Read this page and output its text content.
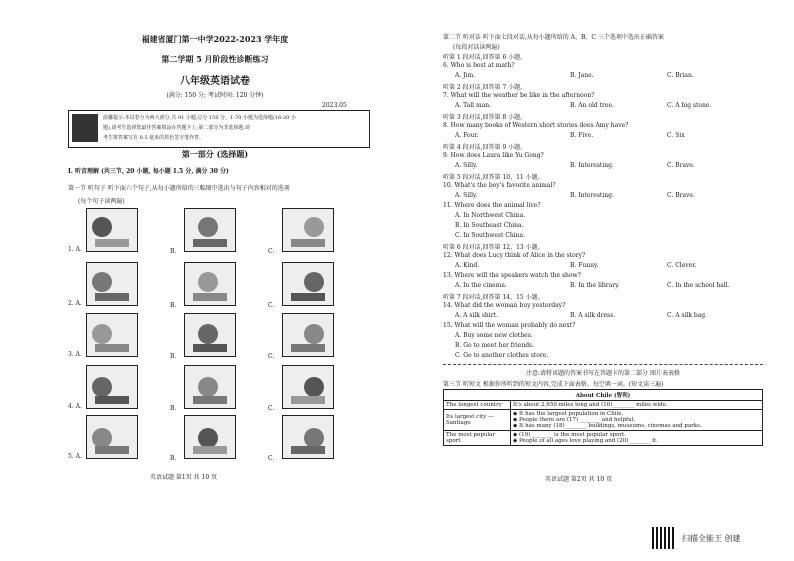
福建省厦门第一中学2022-2023 学年度
第二学期 5 月阶段性诊断练习
八年级英语试卷
(满分: 150 分; 考试时间: 120 分钟)
2023.05
温馨提示:本试卷分为两大部分,共 91 小题,总分 150 分。1-70 小题为选择题(16-20 小
题),请考生选择您最佳答案填涂在答题卡上;第二部分为非选择题,请
考生将答案写在 0.5 毫米的黑色签字笔作答。
第一部分 (选择题)
I. 听音理解 (共三节, 20 小题, 每小题 1.5 分, 满分 30 分)
第一节 听句子 听下面六个句子,从每小题所给的三幅图中选出与句子内容相对的选项
(每个句子读两遍)
1. A.	B.	C.
2. A.	B.	C.
3. A.	B.	C.
4. A.	B.	C.
5. A.	B.	C.
英语试题 第1页 共 10 页
第二节 听对话 听下面七段对话,从每小题所给的 A、B、C 三个选项中选出正确答案
(每段对话读两遍)
听第 1 段对话,回答第 6 小题。
6. Who is best at math?
A. Jim.	B. Jane.	C. Brian.
听第 2 段对话,回答第 7 小题。
7. What will the weather be like in the afternoon?
A. Tall man.	B. An old tree.	C. A big stone.
听第 3 段对话,回答第 8 小题。
8. How many books of Western short stories does Amy have?
A. Four.	B. Five.	C. Six
听第 4 段对话,回答第 9 小题。
9. How does Laura like Yu Gong?
A. Silly.	B. Interesting.	C. Brave.
听第 5 段对话,回答第 10、11 小题。
10. What's the boy's favorite animal?
A. Silly.	B. Interesting.	C. Brave.
11. Where does the animal live?
A. In Northwest China.
B. In Southeast China.
C. In Southwest China.
听第 6 段对话,回答第 12、13 小题。
12. What does Lucy think of Alice in the story?
A. Kind.	B. Funny.	C. Clever.
13. Where will the speakers watch the show?
A. In the cinema.	B. In the library.	C. In the school hall.
听第 7 段对话,回答第 14、15 小题。
14. What did the woman buy yesterday?
A. A silk shirt.	B. A silk dress.	C. A silk bag.
15. What will the woman probably do next?
A. Buy some new clothes.
B. Go to meet her friends.
C. Go to another clothes store.
注意:请将该题的答案书写在答题卡的第二部分 图片表表格
第三节 听短文 根据你所听到的短文内容,完成下面表格。每空填一词。(短文读三遍)
About Chile (智利)	
The longest country	It's about 2,650 miles long and (16)________ miles wide.
Its largest city — Santiago	◆ It has the largest population in Chile.
◆ People there are (17)________ and helpful.
◆ It has many (18)________ buildings, museums, cinemas and parks.

The most popular sport	◆ (19)________ is the most popular sport.
◆ People of all ages love playing and (20)________ it.
英语试题 第2页 共 10 页
扫描全能王 创建
